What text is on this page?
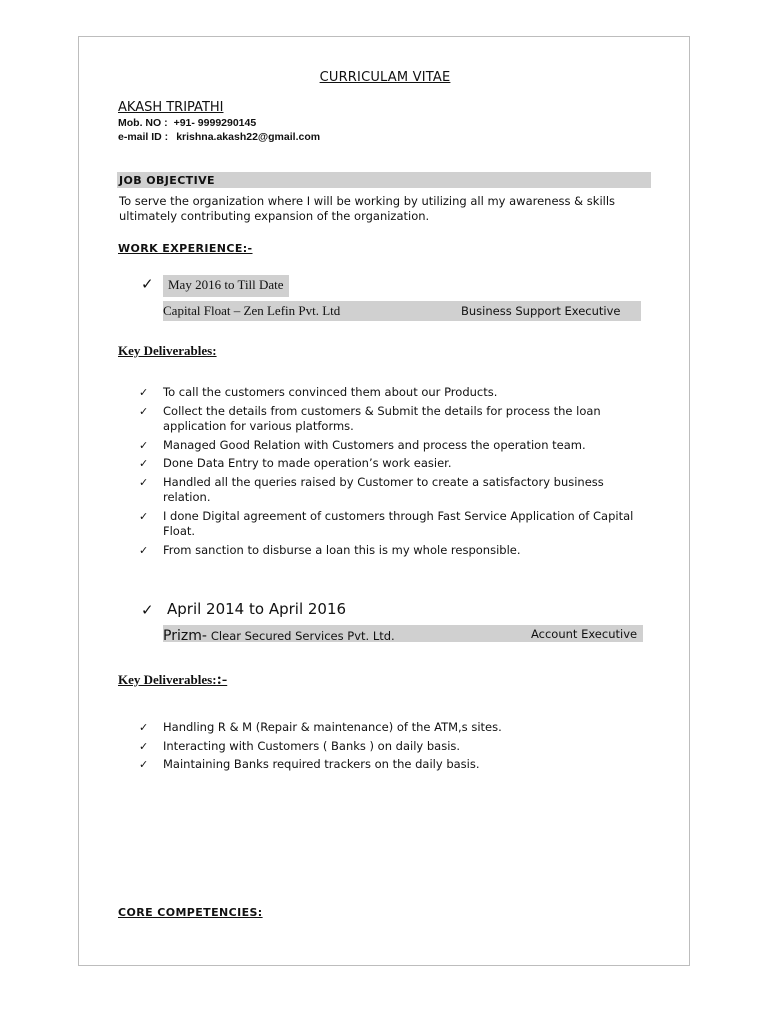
CURRICULAM VITAE
AKASH TRIPATHI
Mob. NO : +91- 9999290145
e-mail ID : krishna.akash22@gmail.com
JOB OBJECTIVE
To serve the organization where I will be working by utilizing all my awareness & skills ultimately contributing expansion of the organization.
WORK EXPERIENCE:-
✓	May 2016 to Till Date
Capital Float – Zen Lefin Pvt. Ltd	Business Support Executive
Key Deliverables:
✓ To call the customers convinced them about our Products.
✓ Collect the details from customers & Submit the details for process the loan application for various platforms.
✓ Managed Good Relation with Customers and process the operation team.
✓ Done Data Entry to made operation’s work easier.
✓ Handled all the queries raised by Customer to create a satisfactory business relation.
✓ I done Digital agreement of customers through Fast Service Application of Capital Float.
✓ From sanction to disburse a loan this is my whole responsible.
✓ April 2014 to April 2016
Prizm- Clear Secured Services Pvt. Ltd.	Account Executive
Key Deliverables::-
✓ Handling R & M (Repair & maintenance) of the ATM,s sites.
✓ Interacting with Customers ( Banks ) on daily basis.
✓ Maintaining Banks required trackers on the daily basis.
CORE COMPETENCIES:
